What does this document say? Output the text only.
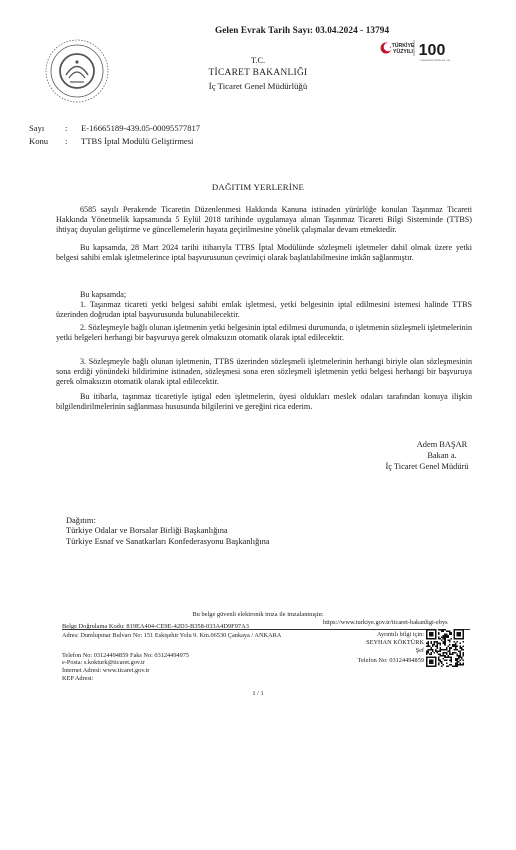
Gelen Evrak Tarih Sayı: 03.04.2024 - 13794
TÜRKİYE
YÜZYILI 100
CUMHURİYETİMİZİN 100. YILI
T.C.
TİCARET BAKANLIĞI
İç Ticaret Genel Müdürlüğü
Sayı : E-16665189-439.05-00095577817
Konu : TTBS İptal Modülü Geliştirmesi
DAĞITIM YERLERİNE
6585 sayılı Perakende Ticaretin Düzenlenmesi Hakkında Kanuna istinaden yürürlüğe konulan Taşınmaz Ticareti Hakkında Yönetmelik kapsamında 5 Eylül 2018 tarihinde uygulamaya alınan Taşınmaz Ticareti Bilgi Sisteminde (TTBS) ihtiyaç duyulan geliştirme ve güncellemelerin hayata geçirilmesine yönelik çalışmalar devam etmektedir.
Bu kapsamda, 28 Mart 2024 tarihi itibarıyla TTBS İptal Modülünde sözleşmeli işletmeler dahil olmak üzere yetki belgesi sahibi emlak işletmelerince iptal başvurusunun çevrimiçi olarak başlatılabilmesine imkân sağlanmıştır.
Bu kapsamda;
1. Taşınmaz ticareti yetki belgesi sahibi emlak işletmesi, yetki belgesinin iptal edilmesini istemesi halinde TTBS üzerinden doğrudan iptal başvurusunda bulunabilecektir.
2. Sözleşmeyle bağlı olunan işletmenin yetki belgesinin iptal edilmesi durumunda, o işletmenin sözleşmeli işletmelerinin yetki belgeleri herhangi bir başvuruya gerek olmaksızın otomatik olarak iptal edilecektir.
3. Sözleşmeyle bağlı olunan işletmenin, TTBS üzerinden sözleşmeli işletmelerinin herhangi biriyle olan sözleşmesinin sona erdiği yönündeki bildirimine istinaden, sözleşmesi sona eren sözleşmeli işletmenin yetki belgesi herhangi bir başvuruya gerek olmaksızın otomatik olarak iptal edilecektir.
Bu itibarla, taşınmaz ticaretiyle iştigal eden işletmelerin, üyesi oldukları meslek odaları tarafından konuya ilişkin bilgilendirilmelerinin sağlanması hususunda bilgilerini ve gereğini rica ederim.
Adem BAŞAR
Bakan a.
İç Ticaret Genel Müdürü
Dağıtım:
Türkiye Odalar ve Borsalar Birliği Başkanlığına
Türkiye Esnaf ve Sanatkarları Konfederasyonu Başkanlığına
Bu belge güvenli elektronik imza ile imzalanmıştır.
Belge Doğrulama Kodu: 819EA404-CE9E-42D3-B358-033A4D9F97A3
https://www.turkiye.gov.tr/ticaret-bakanligi-ebys
Adres: Dumlupınar Bulvarı No: 151 Eskişehir Yolu 9. Km.06530 Çankaya / ANKARA
Telefon No: 03124494859 Faks No: 03124494975
e-Posta: s.kokturk@ticaret.gov.tr
İnternet Adresi: www.ticaret.gov.tr
KEP Adresi:
Ayrıntılı bilgi için:
SEYHAN KÖKTÜRK
Şef
Telefon No: 03124494859
1 / 1
